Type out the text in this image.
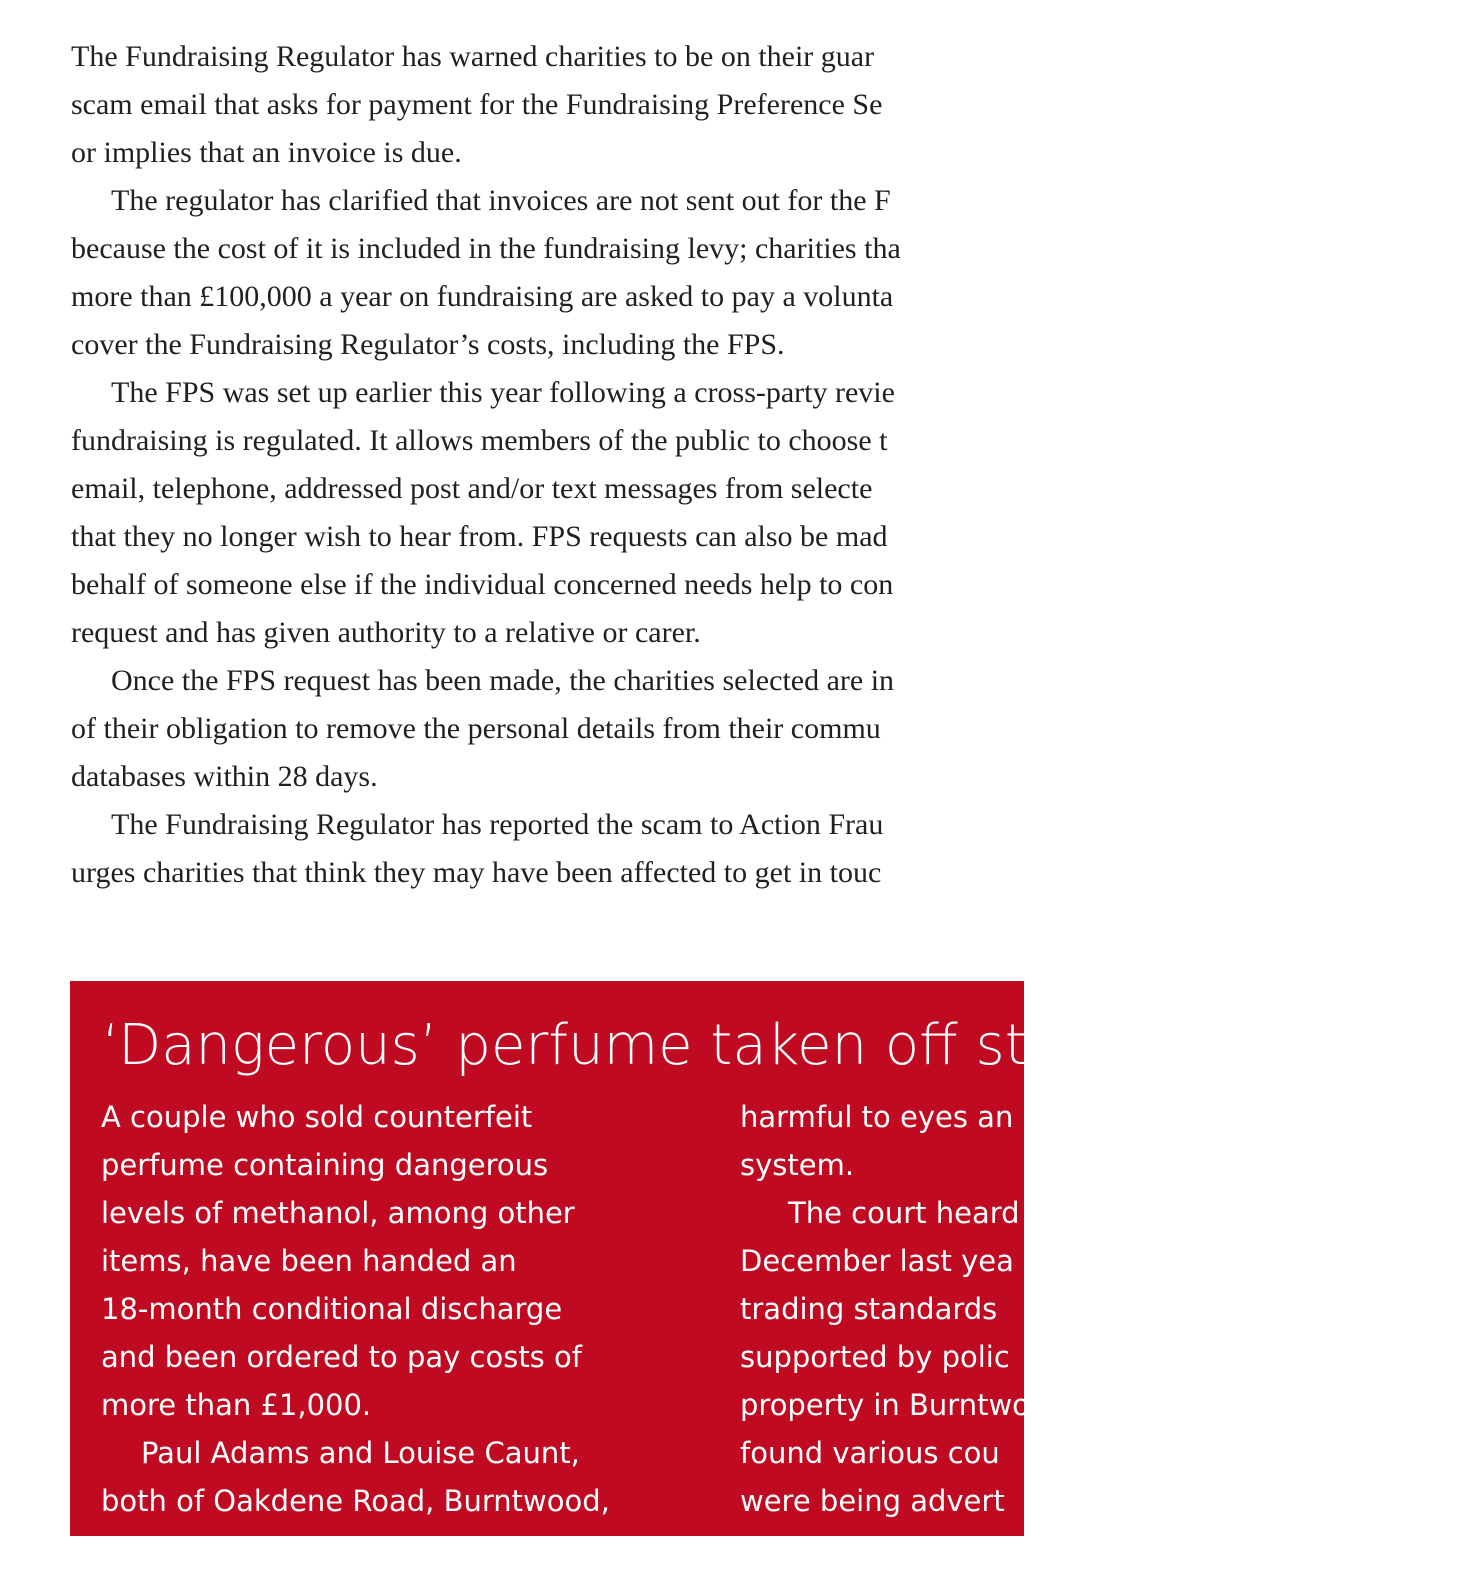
The Fundraising Regulator has warned charities to be on their guar
scam email that asks for payment for the Fundraising Preference Se
or implies that an invoice is due.

The regulator has clarified that invoices are not sent out for the F
because the cost of it is included in the fundraising levy; charities tha
more than £100,000 a year on fundraising are asked to pay a volunta
cover the Fundraising Regulator’s costs, including the FPS.

The FPS was set up earlier this year following a cross-party revie
fundraising is regulated. It allows members of the public to choose t
email, telephone, addressed post and/or text messages from selecte
that they no longer wish to hear from. FPS requests can also be mad
behalf of someone else if the individual concerned needs help to con
request and has given authority to a relative or carer.

Once the FPS request has been made, the charities selected are in
of their obligation to remove the personal details from their commu
databases within 28 days.

The Fundraising Regulator has reported the scam to Action Frau
urges charities that think they may have been affected to get in touc

‘Dangerous’ perfume taken off stre
A couple who sold counterfeit
perfume containing dangerous
levels of methanol, among other
items, have been handed an
18-month conditional discharge
and been ordered to pay costs of
more than £1,000.
Paul Adams and Louise Caunt,
both of Oakdene Road, Burntwood,
admitted 10 trade mark offences
harmful to eyes an
system.
The court heard
December last yea
trading standards
supported by polic
property in Burntwo
found various cou
were being advert
sale. The goods inc
